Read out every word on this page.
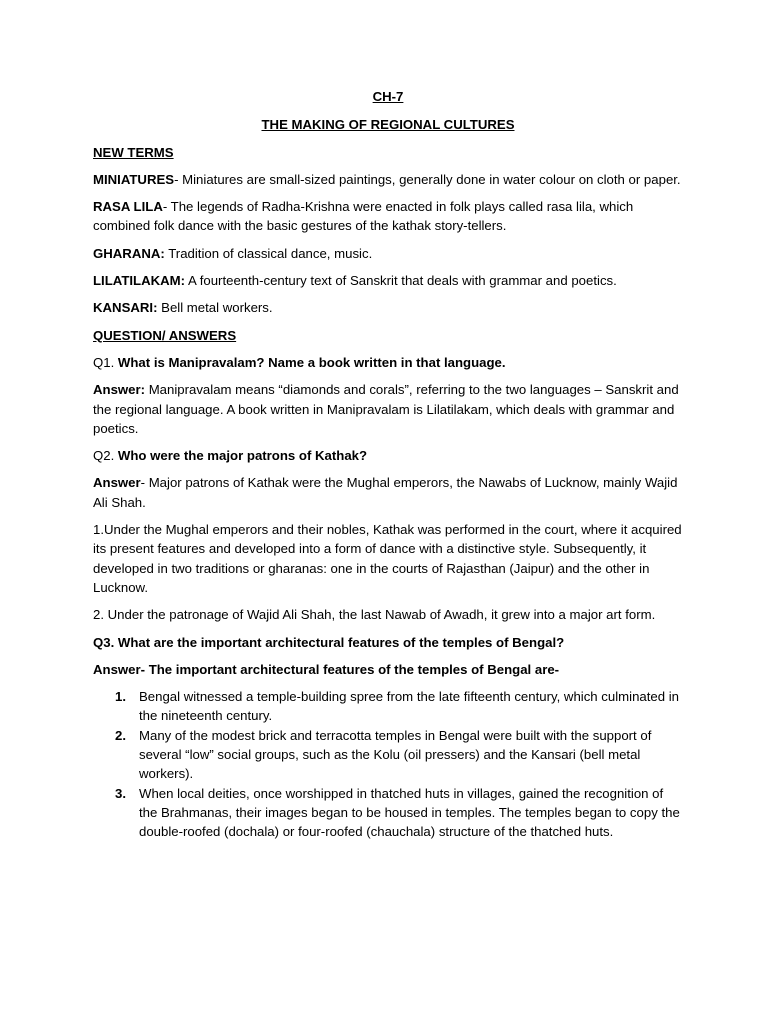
CH-7
THE MAKING OF REGIONAL CULTURES
NEW TERMS

MINIATURES- Miniatures are small-sized paintings, generally done in water colour on cloth or paper.

RASA LILA- The legends of Radha-Krishna were enacted in folk plays called rasa lila, which combined folk dance with the basic gestures of the kathak story-tellers.

GHARANA: Tradition of classical dance, music.

LILATILAKAM: A fourteenth-century text of Sanskrit that deals with grammar and poetics.

KANSARI: Bell metal workers.

QUESTION/ ANSWERS

Q1. What is Manipravalam? Name a book written in that language.

Answer: Manipravalam means “diamonds and corals”, referring to the two languages – Sanskrit and the regional language. A book written in Manipravalam is Lilatilakam, which deals with grammar and poetics.

Q2. Who were the major patrons of Kathak?

Answer- Major patrons of Kathak were the Mughal emperors, the Nawabs of Lucknow, mainly Wajid Ali Shah.

1.Under the Mughal emperors and their nobles, Kathak was performed in the court, where it acquired its present features and developed into a form of dance with a distinctive style. Subsequently, it developed in two traditions or gharanas: one in the courts of Rajasthan (Jaipur) and the other in Lucknow.

2. Under the patronage of Wajid Ali Shah, the last Nawab of Awadh, it grew into a major art form.

Q3. What are the important architectural features of the temples of Bengal?

Answer- The important architectural features of the temples of Bengal are-

1. Bengal witnessed a temple-building spree from the late fifteenth century, which culminated in the nineteenth century.
2. Many of the modest brick and terracotta temples in Bengal were built with the support of several “low” social groups, such as the Kolu (oil pressers) and the Kansari (bell metal workers).
3. When local deities, once worshipped in thatched huts in villages, gained the recognition of the Brahmanas, their images began to be housed in temples. The temples began to copy the double-roofed (dochala) or four-roofed (chauchala) structure of the thatched huts.
